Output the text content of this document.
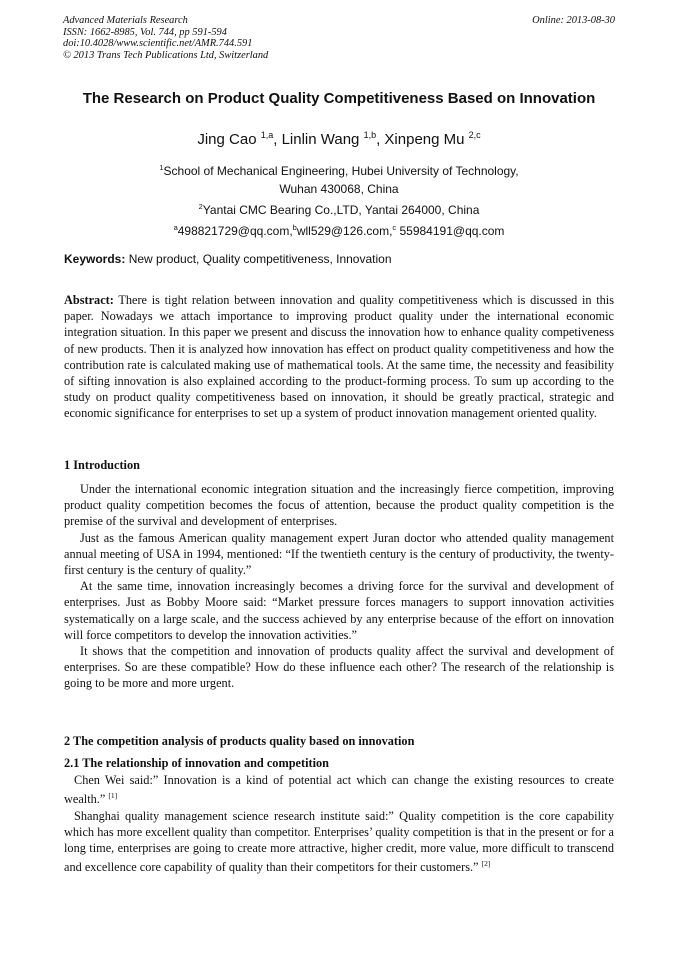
Advanced Materials Research
ISSN: 1662-8985, Vol. 744, pp 591-594
doi:10.4028/www.scientific.net/AMR.744.591
© 2013 Trans Tech Publications Ltd, Switzerland
Online: 2013-08-30
The Research on Product Quality Competitiveness Based on Innovation
Jing Cao $^{1,a}$, Linlin Wang $^{1,b}$, Xinpeng Mu $^{2,c}$
$^1$School of Mechanical Engineering, Hubei University of Technology,
Wuhan 430068, China
$^2$Yantai CMC Bearing Co.,LTD, Yantai 264000, China
$^a$498821729@qq.com,$^b$wll529@126.com,$^c$ 55984191@qq.com
Keywords: New product, Quality competitiveness, Innovation
Abstract: There is tight relation between innovation and quality competitiveness which is discussed in this paper. Nowadays we attach importance to improving product quality under the international economic integration situation. In this paper we present and discuss the innovation how to enhance quality competiveness of new products. Then it is analyzed how innovation has effect on product quality competitiveness and how the contribution rate is calculated making use of mathematical tools. At the same time, the necessity and feasibility of sifting innovation is also explained according to the product-forming process. To sum up according to the study on product quality competitiveness based on innovation, it should be greatly practical, strategic and economic significance for enterprises to set up a system of product innovation management oriented quality.
1 Introduction

Under the international economic integration situation and the increasingly fierce competition, improving product quality competition becomes the focus of attention, because the product quality competition is the premise of the survival and development of enterprises.

Just as the famous American quality management expert Juran doctor who attended quality management annual meeting of USA in 1994, mentioned: “If the twentieth century is the century of productivity, the twenty-first century is the century of quality.”

At the same time, innovation increasingly becomes a driving force for the survival and development of enterprises. Just as Bobby Moore said: “Market pressure forces managers to support innovation activities systematically on a large scale, and the success achieved by any enterprise because of the effort on innovation will force competitors to develop the innovation activities.”

It shows that the competition and innovation of products quality affect the survival and development of enterprises. So are these compatible? How do these influence each other? The research of the relationship is going to be more and more urgent.

2 The competition analysis of products quality based on innovation
2.1 The relationship of innovation and competition

Chen Wei said:” Innovation is a kind of potential act which can change the existing resources to create wealth.” [1]

Shanghai quality management science research institute said:” Quality competition is the core capability which has more excellent quality than competitor. Enterprises’ quality competition is that in the present or for a long time, enterprises are going to create more attractive, higher credit, more value, more difficult to transcend and excellence core capability of quality than their competitors for their customers.” [2]
